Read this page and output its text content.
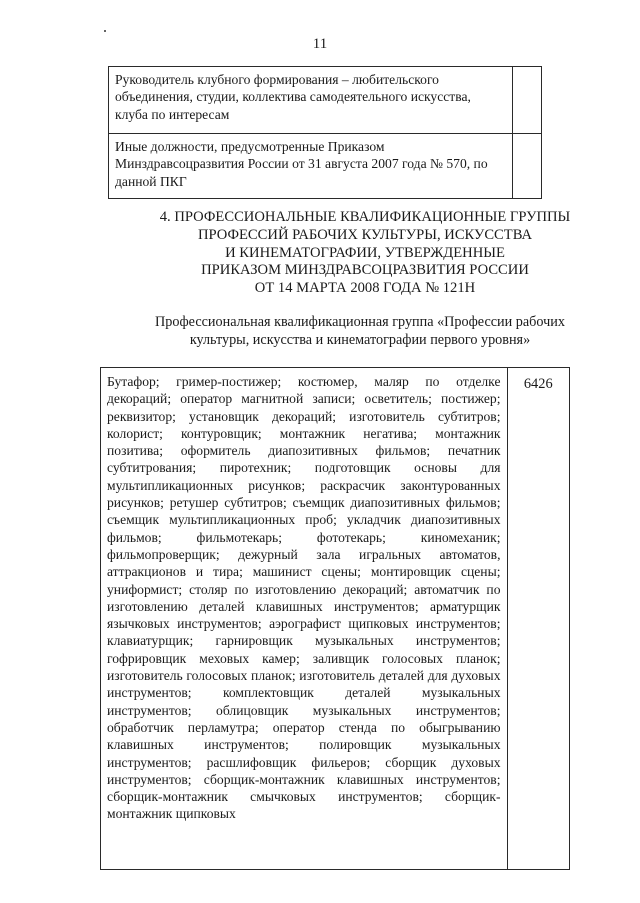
11
Руководитель клубного формирования – любительского объединения, студии, коллектива самодеятельного искусства, клуба по интересам	
Иные должности, предусмотренные Приказом Минздравсоцразвития России от 31 августа 2007 года № 570, по данной ПКГ	
4. ПРОФЕССИОНАЛЬНЫЕ КВАЛИФИКАЦИОННЫЕ ГРУППЫ
ПРОФЕССИЙ РАБОЧИХ КУЛЬТУРЫ, ИСКУССТВА
И КИНЕМАТОГРАФИИ, УТВЕРЖДЕННЫЕ
ПРИКАЗОМ МИНЗДРАВСОЦРАЗВИТИЯ РОССИИ
ОТ 14 МАРТА 2008 ГОДА № 121Н
Профессиональная квалификационная группа «Профессии рабочих
культуры, искусства и кинематографии первого уровня»
Бутафор; гример-постижер; костюмер, маляр по отделке декораций; оператор магнитной записи; осветитель; постижер; реквизитор; установщик декораций; изготовитель субтитров; колорист; контуровщик; монтажник негатива; монтажник позитива; оформитель диапозитивных фильмов; печатник субтитрования; пиротехник; подготовщик основы для мультипликационных рисунков; раскрасчик законтурованных рисунков; ретушер субтитров; съемщик диапозитивных фильмов; съемщик мультипликационных проб; укладчик диапозитивных фильмов; фильмотекарь; фототекарь; киномеханик; фильмопроверщик; дежурный зала игральных автоматов, аттракционов и тира; машинист сцены; монтировщик сцены; униформист; столяр по изготовлению декораций; автоматчик по изготовлению деталей клавишных инструментов; арматурщик язычковых инструментов; аэрографист щипковых инструментов; клавиатурщик; гарнировщик музыкальных инструментов; гофрировщик меховых камер; заливщик голосовых планок; изготовитель голосовых планок; изготовитель деталей для духовых инструментов; комплектовщик деталей музыкальных инструментов; облицовщик музыкальных инструментов; обработчик перламутра; оператор стенда по обыгрыванию клавишных инструментов; полировщик музыкальных инструментов; расшлифовщик фильеров; сборщик духовых инструментов; сборщик-монтажник клавишных инструментов; сборщик-монтажник смычковых инструментов; сборщик-монтажник щипковых	6426
